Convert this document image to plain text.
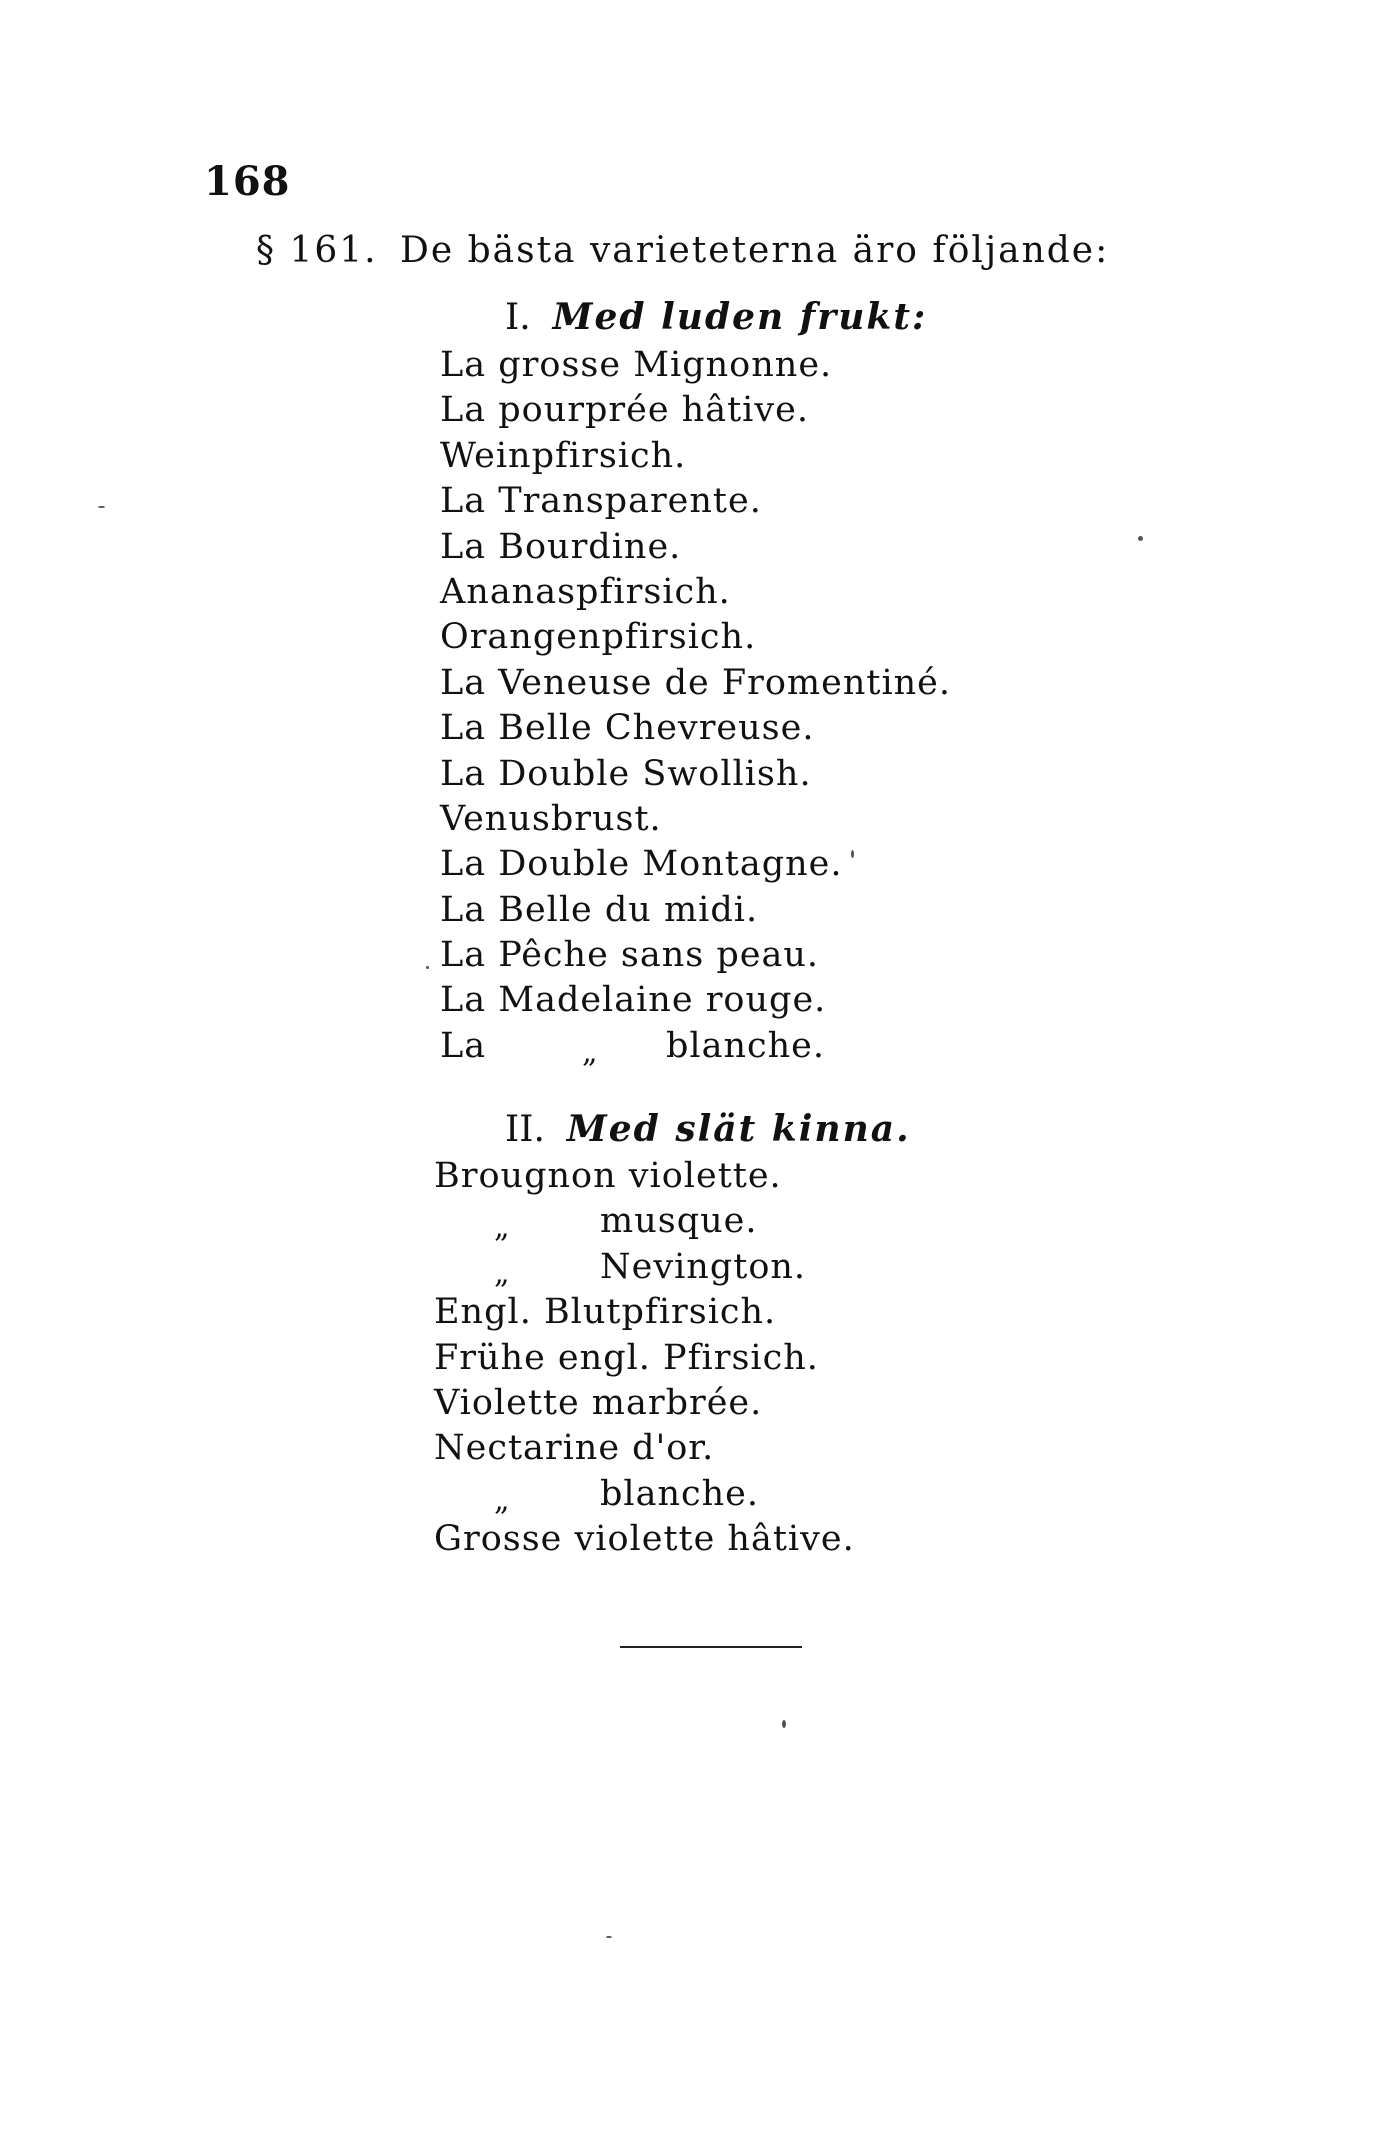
168
§ 161. De bästa varieteterna äro följande:
I. Med luden frukt:
La grosse Mignonne.
La pourprée hâtive.
Weinpfirsich.
La Transparente.
La Bourdine.
Ananaspfirsich.
Orangenpfirsich.
La Veneuse de Fromentiné.
La Belle Chevreuse.
La Double Swollish.
Venusbrust.
La Double Montagne.
La Belle du midi.
La Pêche sans peau.
La Madelaine rouge.
La	„ blanche.
II. Med slät kinna.
Brougnon violette.
„	musque.
„	Nevington.
Engl. Blutpfirsich.
Frühe engl. Pfirsich.
Violette marbrée.
Nectarine d'or.
„	blanche.
Grosse violette hâtive.
